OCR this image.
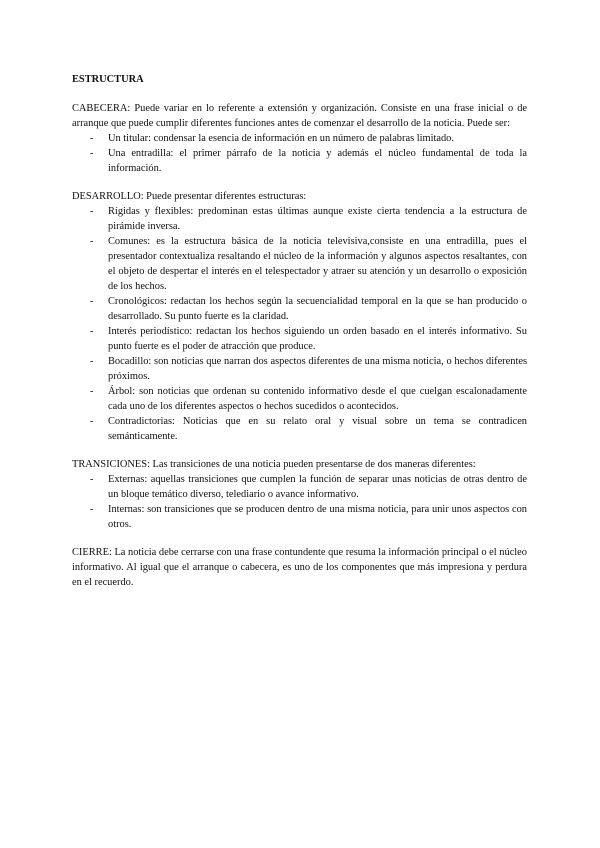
ESTRUCTURA

CABECERA: Puede variar en lo referente a extensión y organización. Consiste en una frase inicial o de arranque que puede cumplir diferentes funciones antes de comenzar el desarrollo de la noticia. Puede ser:

- Un titular: condensar la esencia de información en un número de palabras limitado.
- Una entradilla: el primer párrafo de la noticia y además el núcleo fundamental de toda la información.

DESARROLLO: Puede presentar diferentes estructuras:

- Rígidas y flexibles: predominan estas últimas aunque existe cierta tendencia a la estructura de pirámide inversa.
- Comunes: es la estructura básica de la noticia televisiva,consiste en una entradilla, pues el presentador contextualiza resaltando el núcleo de la información y algunos aspectos resaltantes, con el objeto de despertar el interés en el telespectador y atraer su atención y un desarrollo o exposición de los hechos.
- Cronológicos: redactan los hechos según la secuencialidad temporal en la que se han producido o desarrollado. Su punto fuerte es la claridad.
- Interés periodístico: redactan los hechos siguiendo un orden basado en el interés informativo. Su punto fuerte es el poder de atracción que produce.
- Bocadillo: son noticias que narran dos aspectos diferentes de una misma noticia, o hechos diferentes próximos.
- Árbol: son noticias que ordenan su contenido informativo desde el que cuelgan escalonadamente cada uno de los diferentes aspectos o hechos sucedidos o acontecidos.
- Contradictorias: Noticias que en su relato oral y visual sobre un tema se contradicen semánticamente.

TRANSICIONES: Las transiciones de una noticia pueden presentarse de dos maneras diferentes:

- Externas: aquellas transiciones que cumplen la función de separar unas noticias de otras dentro de un bloque temático diverso, telediario o avance informativo.
- Internas: son transiciones que se producen dentro de una misma noticia, para unir unos aspectos con otros.

CIERRE: La noticia debe cerrarse con una frase contundente que resuma la información principal o el núcleo informativo. Al igual que el arranque o cabecera, es uno de los componentes que más impresiona y perdura en el recuerdo.
